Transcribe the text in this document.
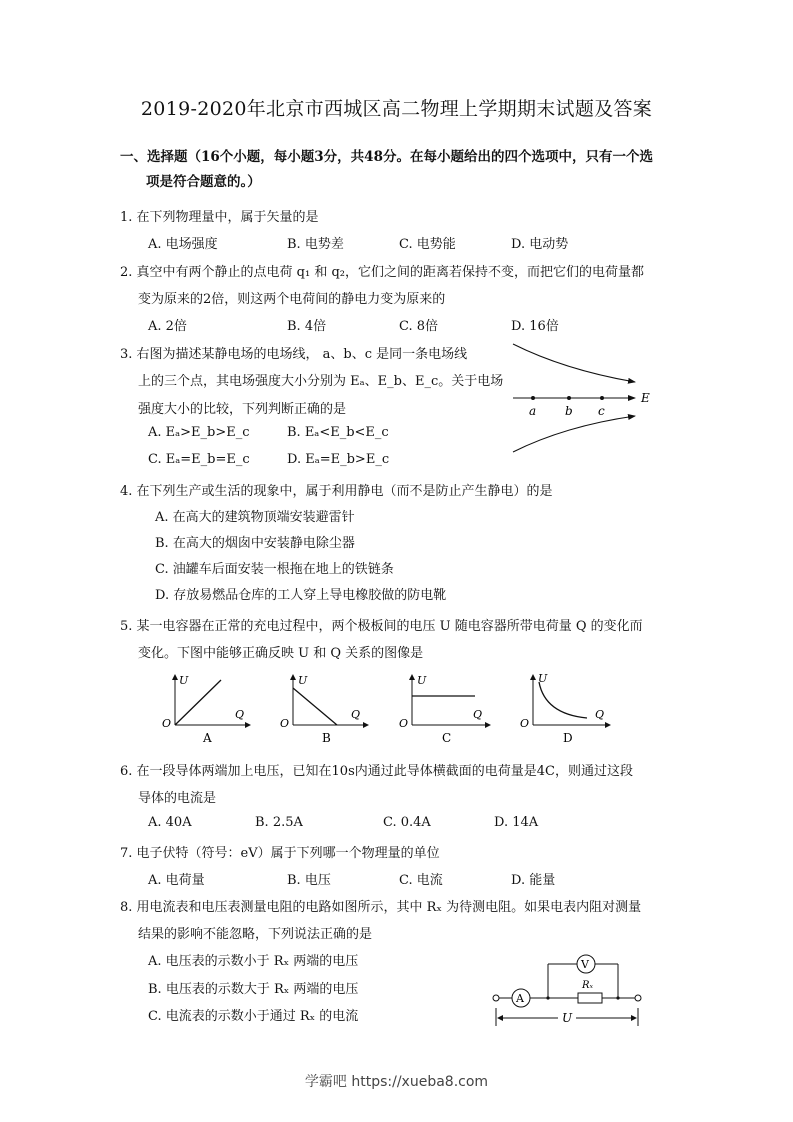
2019-2020年北京市西城区高二物理上学期期末试题及答案
一、选择题（16个小题，每小题3分，共48分。在每小题给出的四个选项中，只有一个选
项是符合题意的。）
1. 在下列物理量中，属于矢量的是
A. 电场强度	B. 电势差	C. 电势能	D. 电动势
2. 真空中有两个静止的点电荷 q₁ 和 q₂，它们之间的距离若保持不变，而把它们的电荷量都
变为原来的2倍，则这两个电荷间的静电力变为原来的
A. 2倍	B. 4倍	C. 8倍	D. 16倍
3. 右图为描述某静电场的电场线， a、b、c 是同一条电场线
上的三个点，其电场强度大小分别为 Eₐ、E_b、E_c。关于电场
强度大小的比较，下列判断正确的是
A. Eₐ>E_b>E_c	B. Eₐ<E_b<E_c
C. Eₐ=E_b=E_c	D. Eₐ=E_b>E_c
a b c
E
4. 在下列生产或生活的现象中，属于利用静电（而不是防止产生静电）的是
A. 在高大的建筑物顶端安装避雷针
B. 在高大的烟囱中安装静电除尘器
C. 油罐车后面安装一根拖在地上的铁链条
D. 存放易燃品仓库的工人穿上导电橡胶做的防电靴
5. 某一电容器在正常的充电过程中，两个极板间的电压 U 随电容器所带电荷量 Q 的变化而
变化。下图中能够正确反映 U 和 Q 关系的图像是
U
Q
O
A
U
Q
O
B
U
Q
O
C
U
Q
O
D
6. 在一段导体两端加上电压，已知在10s内通过此导体横截面的电荷量是4C，则通过这段
导体的电流是
A. 40A	B. 2.5A	C. 0.4A	D. 14A
7. 电子伏特（符号：eV）属于下列哪一个物理量的单位
A. 电荷量	B. 电压	C. 电流	D. 能量
8. 用电流表和电压表测量电阻的电路如图所示，其中 Rₓ 为待测电阻。如果电表内阻对测量
结果的影响不能忽略，下列说法正确的是
A. 电压表的示数小于 Rₓ 两端的电压
B. 电压表的示数大于 Rₓ 两端的电压
C. 电流表的示数小于通过 Rₓ 的电流
A
V
Rₓ
U
学霸吧 https://xueba8.com
